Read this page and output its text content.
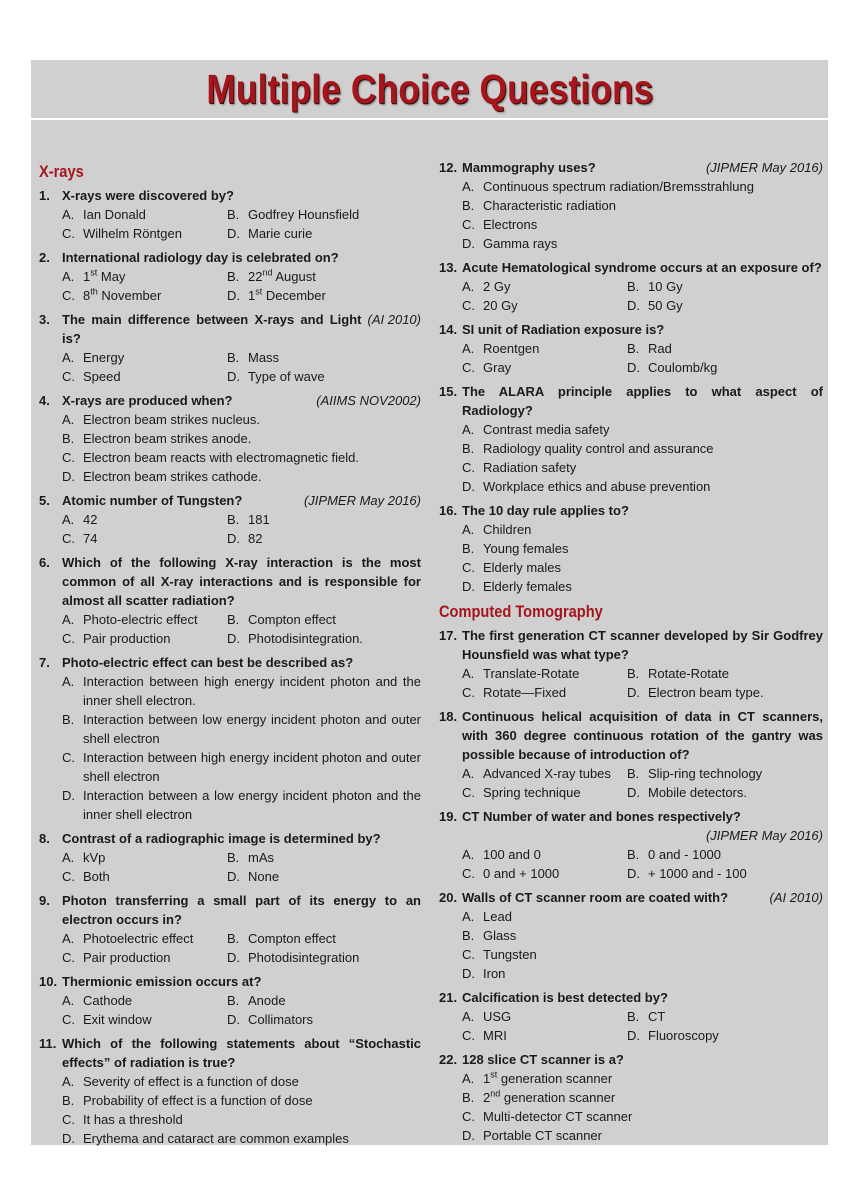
Multiple Choice Questions
X-rays
1. X-rays were discovered by?
A. Ian Donald	B. Godfrey Hounsfield
C. Wilhelm Röntgen	D. Marie curie
2. International radiology day is celebrated on?
A. 1st May	B. 22nd August
C. 8th November	D. 1st December
3. The main difference between X-rays and Light is?
(AI 2010)
A. Energy	B. Mass
C. Speed	D. Type of wave
4. X-rays are produced when?	(AIIMS NOV2002)
A. Electron beam strikes nucleus.
B. Electron beam strikes anode.
C. Electron beam reacts with electromagnetic field.
D. Electron beam strikes cathode.
5. Atomic number of Tungsten?	(JIPMER May 2016)
A. 42	B. 181
C. 74	D. 82
6. Which of the following X-ray interaction is the most common of all X-ray interactions and is responsible for almost all scatter radiation?
A. Photo-electric effect	B. Compton effect
C. Pair production	D. Photodisintegration.
7. Photo-electric effect can best be described as?
A. Interaction between high energy incident photon and the inner shell electron.
B. Interaction between low energy incident photon and outer shell electron
C. Interaction between high energy incident photon and outer shell electron
D. Interaction between a low energy incident photon and the inner shell electron
8. Contrast of a radiographic image is determined by?
A. kVp	B. mAs
C. Both	D. None
9. Photon transferring a small part of its energy to an electron occurs in?
A. Photoelectric effect	B. Compton effect
C. Pair production	D. Photodisintegration
10. Thermionic emission occurs at?
A. Cathode	B. Anode
C. Exit window	D. Collimators
11. Which of the following statements about “Stochastic effects” of radiation is true?
A. Severity of effect is a function of dose
B. Probability of effect is a function of dose
C. It has a threshold
D. Erythema and cataract are common examples
12. Mammography uses?	(JIPMER May 2016)
A. Continuous spectrum radiation/Bremsstrahlung
B. Characteristic radiation
C. Electrons
D. Gamma rays
13. Acute Hematological syndrome occurs at an exposure of?
A. 2 Gy	B. 10 Gy
C. 20 Gy	D. 50 Gy
14. SI unit of Radiation exposure is?
A. Roentgen	B. Rad
C. Gray	D. Coulomb/kg
15. The ALARA principle applies to what aspect of Radiology?
A. Contrast media safety
B. Radiology quality control and assurance
C. Radiation safety
D. Workplace ethics and abuse prevention
16. The 10 day rule applies to?
A. Children
B. Young females
C. Elderly males
D. Elderly females
Computed Tomography
17. The first generation CT scanner developed by Sir Godfrey Hounsfield was what type?
A. Translate-Rotate	B. Rotate-Rotate
C. Rotate—Fixed	D. Electron beam type.
18. Continuous helical acquisition of data in CT scanners, with 360 degree continuous rotation of the gantry was possible because of introduction of?
A. Advanced X-ray tubes	B. Slip-ring technology
C. Spring technique	D. Mobile detectors.
19. CT Number of water and bones respectively?
(JIPMER May 2016)
A. 100 and 0	B. 0 and - 1000
C. 0 and + 1000	D. + 1000 and - 100
20. Walls of CT scanner room are coated with?	(AI 2010)
A. Lead
B. Glass
C. Tungsten
D. Iron
21. Calcification is best detected by?
A. USG	B. CT
C. MRI	D. Fluoroscopy
22. 128 slice CT scanner is a?
A. 1st generation scanner
B. 2nd generation scanner
C. Multi-detector CT scanner
D. Portable CT scanner
